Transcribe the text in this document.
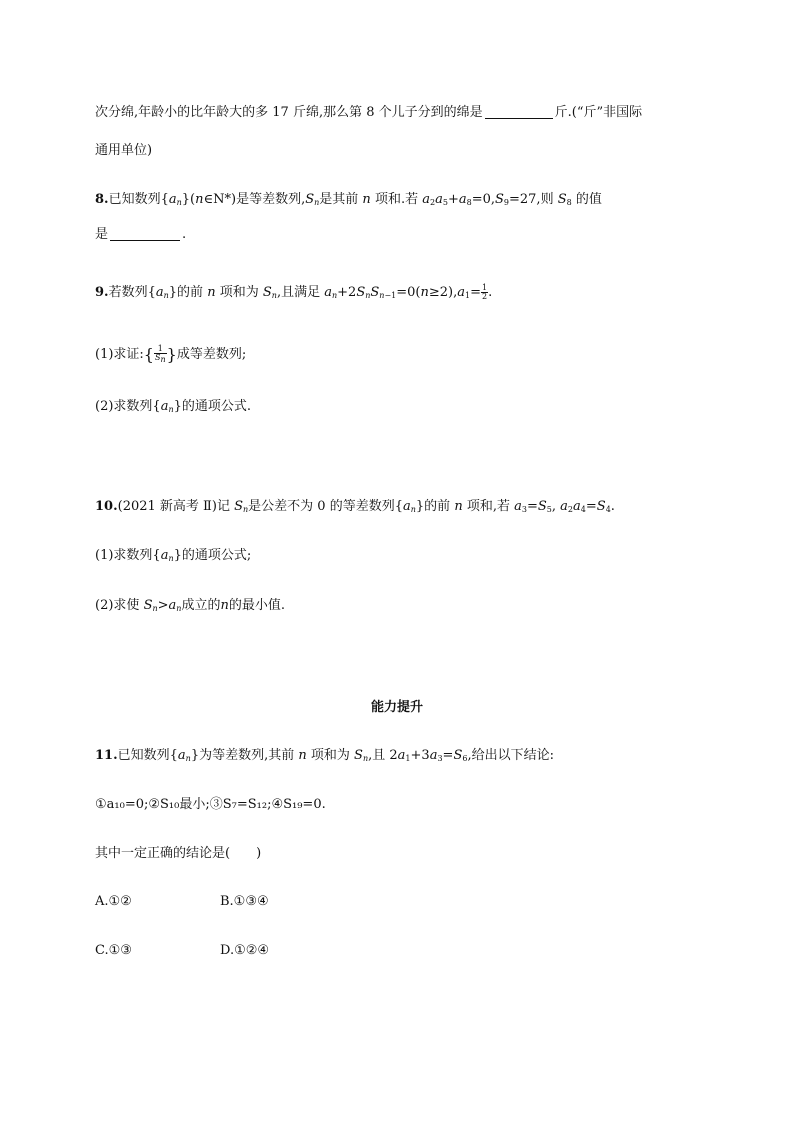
次分绵,年龄小的比年龄大的多 17 斤绵,那么第 8 个儿子分到的绵是	斤.(“斤”非国际
通用单位)
8.已知数列$\{a_n\}(n\in N*)$是等差数列$,S_n$是其前 n 项和.若 $a_2a_5+a_8=0,S_9=27$,则 $S_8$ 的值
是	.
9.若数列$\{a_n\}$的前 n 项和为 $S_n$,且满足 $a_n+2S_nS_{n-1}=0(n\ge 2),a_1= \frac{1}{2}$ .
(1)求证:{ $\frac{1}{S_n}$ }成等差数列;
(2)求数列$\{a_n\}$的通项公式.
10.(2021 新高考 Ⅱ)记 $S_n$是公差不为 0 的等差数列$\{a_n\}$的前 n 项和,若 $a_3=S_5$, $a_2a_4=S_4$.
(1)求数列$\{a_n\}$的通项公式;
(2)求使 $S_n>a_n$成立的n的最小值.
能力提升
11.已知数列$\{a_n\}$为等差数列,其前 n 项和为 $S_n$,且 $2a_1+3a_3=S_6$,给出以下结论:
①a₁₀=0;②S₁₀最小;③S₇=S₁₂;④S₁₉=0.
其中一定正确的结论是(　　)
A.①②	B.①③④
C.①③	D.①②④
